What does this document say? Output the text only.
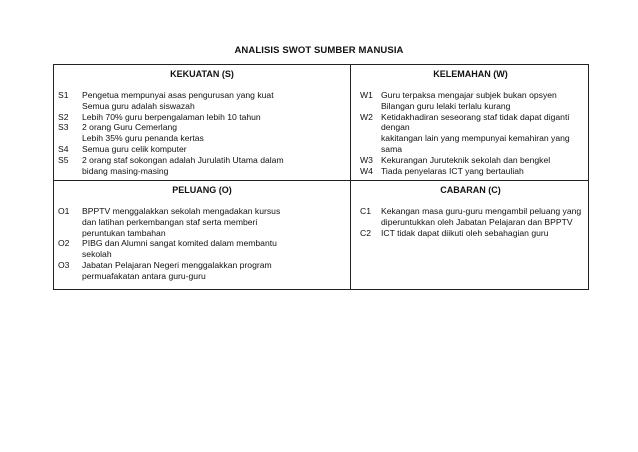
ANALISIS SWOT SUMBER MANUSIA
KEKUATAN (S)
S1	Pengetua mempunyai asas pengurusan yang kuat
Semua guru adalah siswazah
S2	Lebih 70% guru berpengalaman lebih 10 tahun
S3	2 orang Guru Cemerlang
Lebih 35% guru penanda kertas
S4	Semua guru celik komputer
S5	2 orang staf sokongan adalah Jurulatih Utama dalam
bidang masing-masing
KELEMAHAN (W)
W1 Guru terpaksa mengajar subjek bukan opsyen
Bilangan guru lelaki terlalu kurang
W2 Ketidakhadiran seseorang staf tidak dapat diganti dengan
kakitangan lain yang mempunyai kemahiran yang sama
W3 Kekurangan Juruteknik sekolah dan bengkel
W4 Tiada penyelaras ICT yang bertauliah
PELUANG (O)
O1	BPPTV menggalakkan sekolah mengadakan kursus
dan latihan perkembangan staf serta memberi
peruntukan tambahan
O2	PIBG dan Alumni sangat komited dalam membantu
sekolah
O3	Jabatan Pelajaran Negeri menggalakkan program
permuafakatan antara guru-guru
CABARAN (C)
C1	Kekangan masa guru-guru mengambil peluang yang
diperuntukkan oleh Jabatan Pelajaran dan BPPTV
C2	ICT tidak dapat diikuti oleh sebahagian guru
